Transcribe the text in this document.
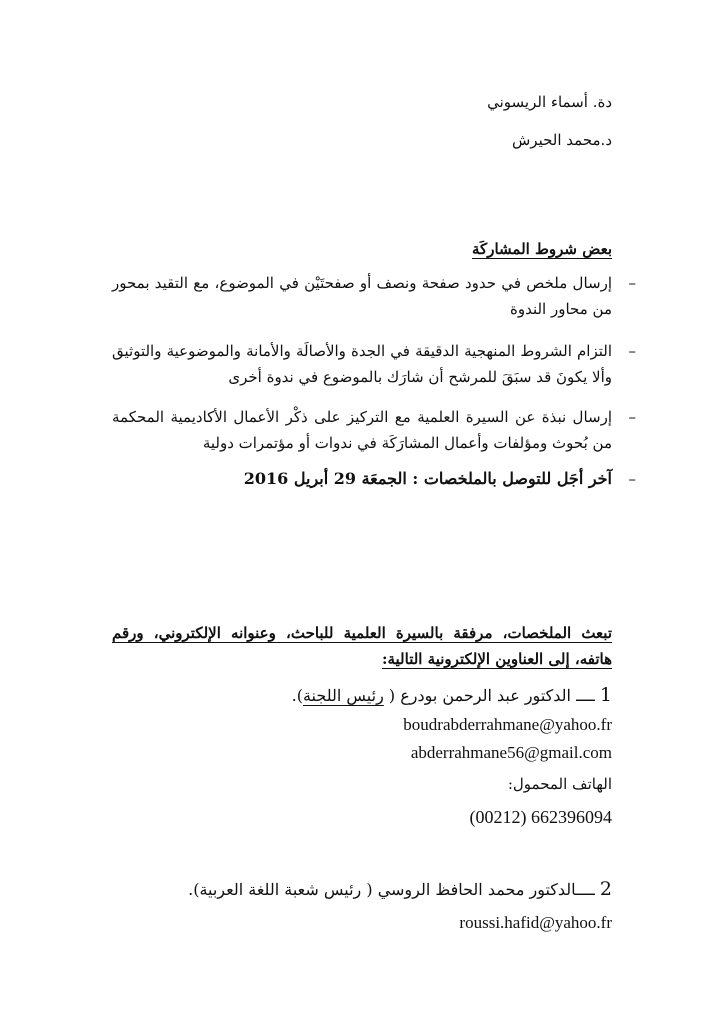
دة. أسماء الريسوني
د.محمد الحيرش
بعض شروط المشاركَة
–
إرسال ملخص في حدود صفحة ونصف أو صفحتَيْن في الموضوع، مع التقيد بمحور من محاور الندوة
–
التزام الشروط المنهجية الدقيقة في الجدة والأصالَة والأمانة والموضوعية والتوثيق وألا يكونَ قد سبَقَ للمرشح أن شارَك بالموضوع في ندوة أخرى
–
إرسال نبذة عن السيرة العلمية مع التركيز على ذكْر الأعمال الأكاديمية المحكمة من بُحوث ومؤلفات وأعمال المشارَكَة في ندوات أو مؤتمرات دولية
–
آخر أجَل للتوصل بالملخصات : الجمعَة 29 أبريل 2016
تبعث الملخصات، مرفقة بالسيرة العلمية للباحث، وعنوانه الإلكتروني، ورقم هاتفه، إلى العناوين الإلكترونية التالية:
1 ــــ الدكتور عبد الرحمن بودرع ( رئيس اللجنة).
boudrabderrahmane@yahoo.fr
abderrahmane56@gmail.com
الهاتف المحمول:
(00212) 662396094
2 ــــالدكتور محمد الحافظ الروسي ( رئيس شعبة اللغة العربية).
roussi.hafid@yahoo.fr
